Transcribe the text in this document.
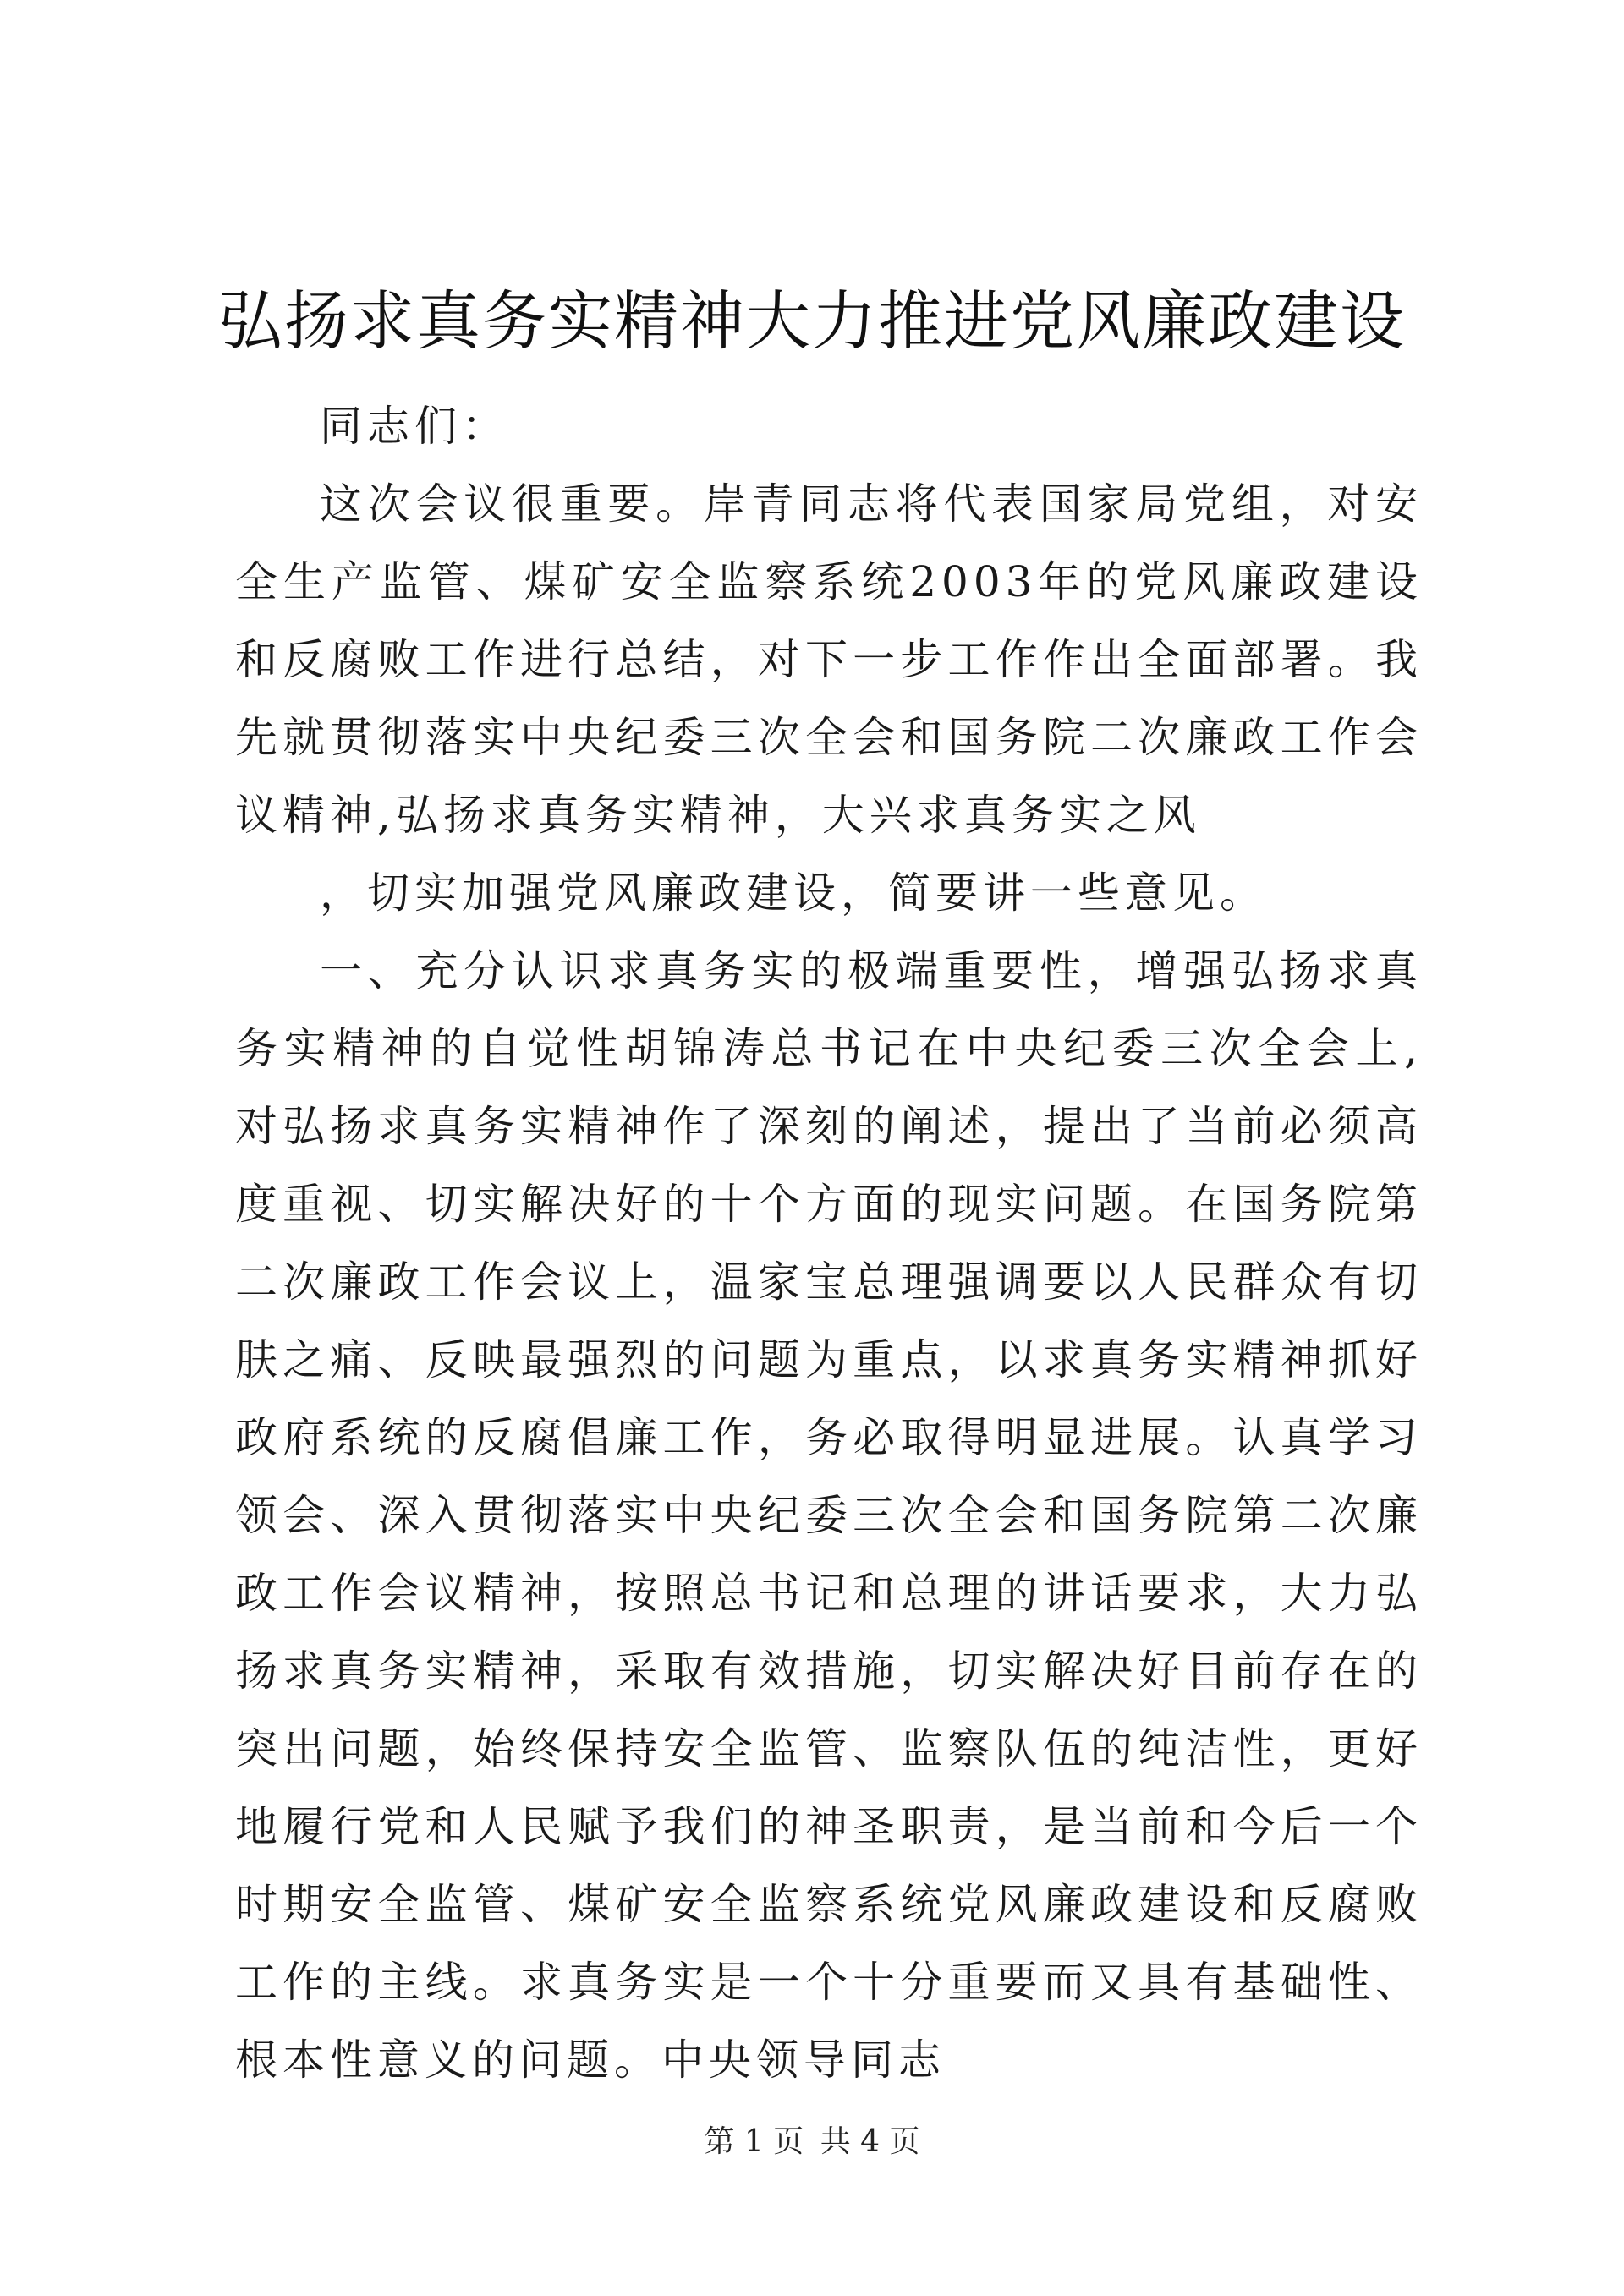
弘扬求真务实精神大力推进党风廉政建设

同志们：

这次会议很重要。岸青同志将代表国家局党组，对安全生产监管、煤矿安全监察系统2003年的党风廉政建设和反腐败工作进行总结，对下一步工作作出全面部署。我先就贯彻落实中央纪委三次全会和国务院二次廉政工作会议精神,弘扬求真务实精神，大兴求真务实之风

，切实加强党风廉政建设，简要讲一些意见。

一、充分认识求真务实的极端重要性，增强弘扬求真务实精神的自觉性胡锦涛总书记在中央纪委三次全会上,对弘扬求真务实精神作了深刻的阐述，提出了当前必须高度重视、切实解决好的十个方面的现实问题。在国务院第二次廉政工作会议上，温家宝总理强调要以人民群众有切肤之痛、反映最强烈的问题为重点，以求真务实精神抓好政府系统的反腐倡廉工作，务必取得明显进展。认真学习领会、深入贯彻落实中央纪委三次全会和国务院第二次廉政工作会议精神，按照总书记和总理的讲话要求，大力弘扬求真务实精神，采取有效措施，切实解决好目前存在的突出问题，始终保持安全监管、监察队伍的纯洁性，更好地履行党和人民赋予我们的神圣职责，是当前和今后一个时期安全监管、煤矿安全监察系统党风廉政建设和反腐败工作的主线。求真务实是一个十分重要而又具有基础性、根本性意义的问题。中央领导同志

第 1 页 共 4 页
